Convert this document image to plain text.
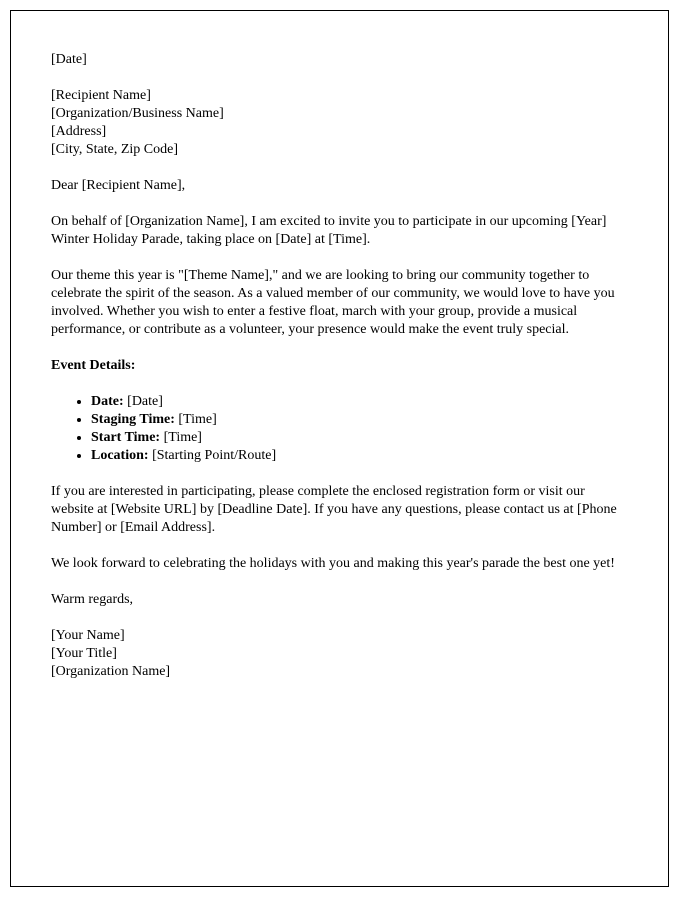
[Date]

[Recipient Name]
[Organization/Business Name]
[Address]
[City, State, Zip Code]

Dear [Recipient Name],

On behalf of [Organization Name], I am excited to invite you to participate in our upcoming [Year] Winter Holiday Parade, taking place on [Date] at [Time].

Our theme this year is "[Theme Name]," and we are looking to bring our community together to celebrate the spirit of the season. As a valued member of our community, we would love to have you involved. Whether you wish to enter a festive float, march with your group, provide a musical performance, or contribute as a volunteer, your presence would make the event truly special.

Event Details:

• Date: [Date]
• Staging Time: [Time]
• Start Time: [Time]
• Location: [Starting Point/Route]

If you are interested in participating, please complete the enclosed registration form or visit our website at [Website URL] by [Deadline Date]. If you have any questions, please contact us at [Phone Number] or [Email Address].

We look forward to celebrating the holidays with you and making this year's parade the best one yet!

Warm regards,

[Your Name]
[Your Title]
[Organization Name]
